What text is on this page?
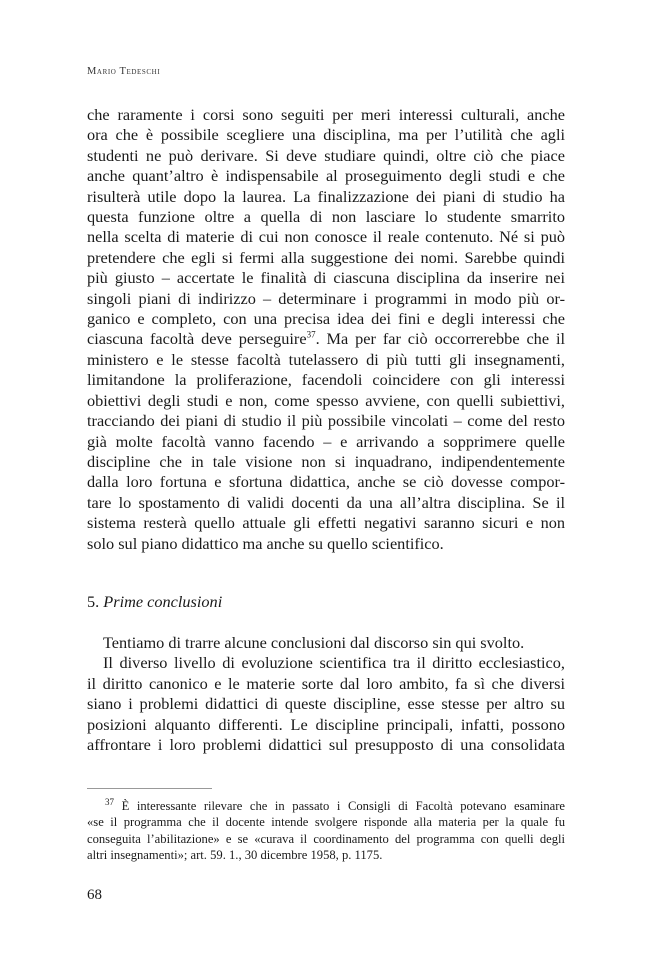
Mario Tedeschi
che raramente i corsi sono seguiti per meri interessi culturali, anche
ora che è possibile scegliere una disciplina, ma per l’utilità che agli
studenti ne può derivare. Si deve studiare quindi, oltre ciò che piace
anche quant’altro è indispensabile al proseguimento degli studi e che
risulterà utile dopo la laurea. La finalizzazione dei piani di studio ha
questa funzione oltre a quella di non lasciare lo studente smarrito
nella scelta di materie di cui non conosce il reale contenuto. Né si può
pretendere che egli si fermi alla suggestione dei nomi. Sarebbe quindi
più giusto – accertate le finalità di ciascuna disciplina da inserire nei
singoli piani di indirizzo – determinare i programmi in modo più or-
ganico e completo, con una precisa idea dei fini e degli interessi che
ciascuna facoltà deve perseguire$^{37}$. Ma per far ciò occorrerebbe che il
ministero e le stesse facoltà tutelassero di più tutti gli insegnamenti,
limitandone la proliferazione, facendoli coincidere con gli interessi
obiettivi degli studi e non, come spesso avviene, con quelli subiettivi,
tracciando dei piani di studio il più possibile vincolati – come del resto
già molte facoltà vanno facendo – e arrivando a sopprimere quelle
discipline che in tale visione non si inquadrano, indipendentemente
dalla loro fortuna e sfortuna didattica, anche se ciò dovesse compor-
tare lo spostamento di validi docenti da una all’altra disciplina. Se il
sistema resterà quello attuale gli effetti negativi saranno sicuri e non
solo sul piano didattico ma anche su quello scientifico.
5. Prime conclusioni
Tentiamo di trarre alcune conclusioni dal discorso sin qui svolto.
Il diverso livello di evoluzione scientifica tra il diritto ecclesiastico,
il diritto canonico e le materie sorte dal loro ambito, fa sì che diversi
siano i problemi didattici di queste discipline, esse stesse per altro su
posizioni alquanto differenti. Le discipline principali, infatti, possono
affrontare i loro problemi didattici sul presupposto di una consolidata
$^{37}$ È interessante rilevare che in passato i Consigli di Facoltà potevano esaminare
«se il programma che il docente intende svolgere risponde alla materia per la quale fu
conseguita l’abilitazione» e se «curava il coordinamento del programma con quelli degli
altri insegnamenti»; art. 59. 1., 30 dicembre 1958, p. 1175.
68
